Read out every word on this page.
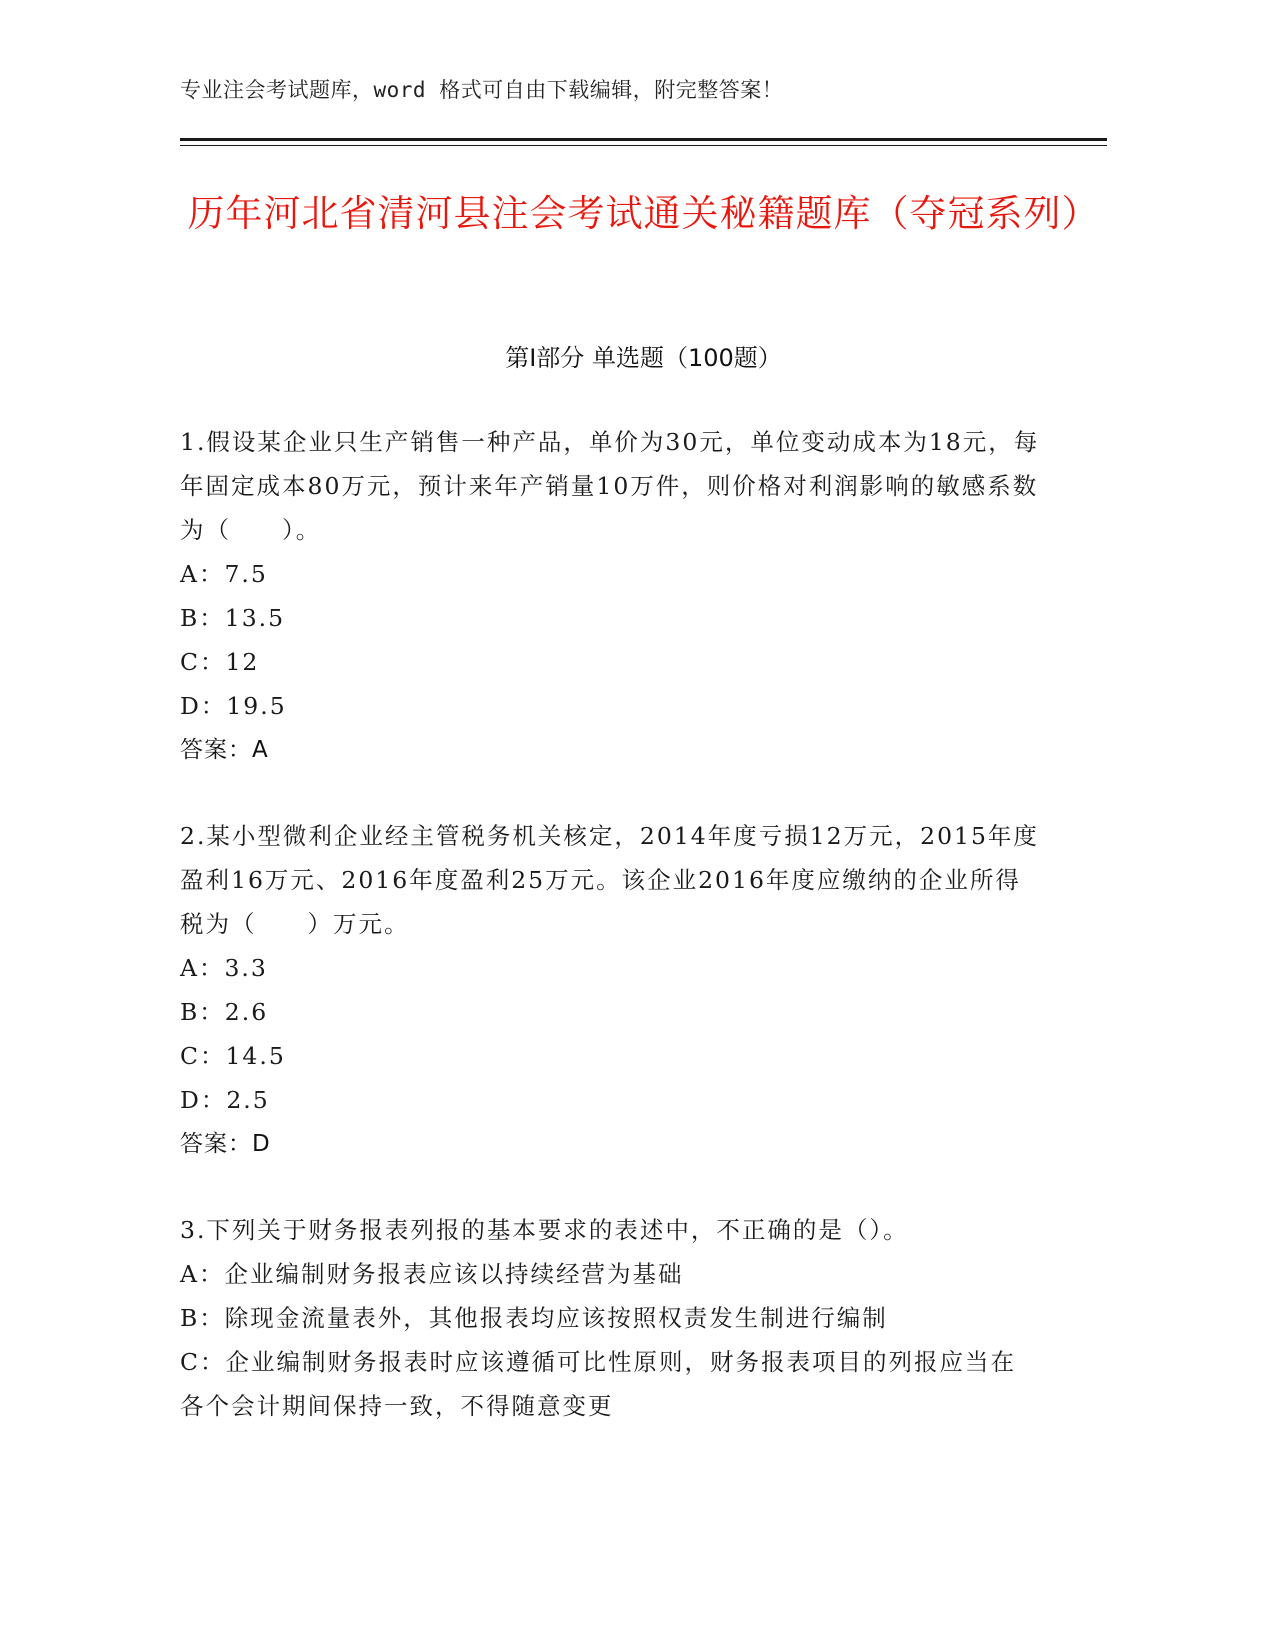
专业注会考试题库，word 格式可自由下载编辑，附完整答案！
历年河北省清河县注会考试通关秘籍题库（夺冠系列）
第Ⅰ部分 单选题（100题）
1.假设某企业只生产销售一种产品，单价为30元，单位变动成本为18元，每年固定成本80万元，预计来年产销量10万件，则价格对利润影响的敏感系数为（　　）。
A：7.5
B：13.5
C：12
D：19.5
答案：A
2.某小型微利企业经主管税务机关核定，2014年度亏损12万元，2015年度盈利16万元、2016年度盈利25万元。该企业2016年度应缴纳的企业所得税为（　　）万元。
A：3.3
B：2.6
C：14.5
D：2.5
答案：D
3.下列关于财务报表列报的基本要求的表述中，不正确的是（）。
A：企业编制财务报表应该以持续经营为基础
B：除现金流量表外，其他报表均应该按照权责发生制进行编制
C：企业编制财务报表时应该遵循可比性原则，财务报表项目的列报应当在各个会计期间保持一致，不得随意变更
